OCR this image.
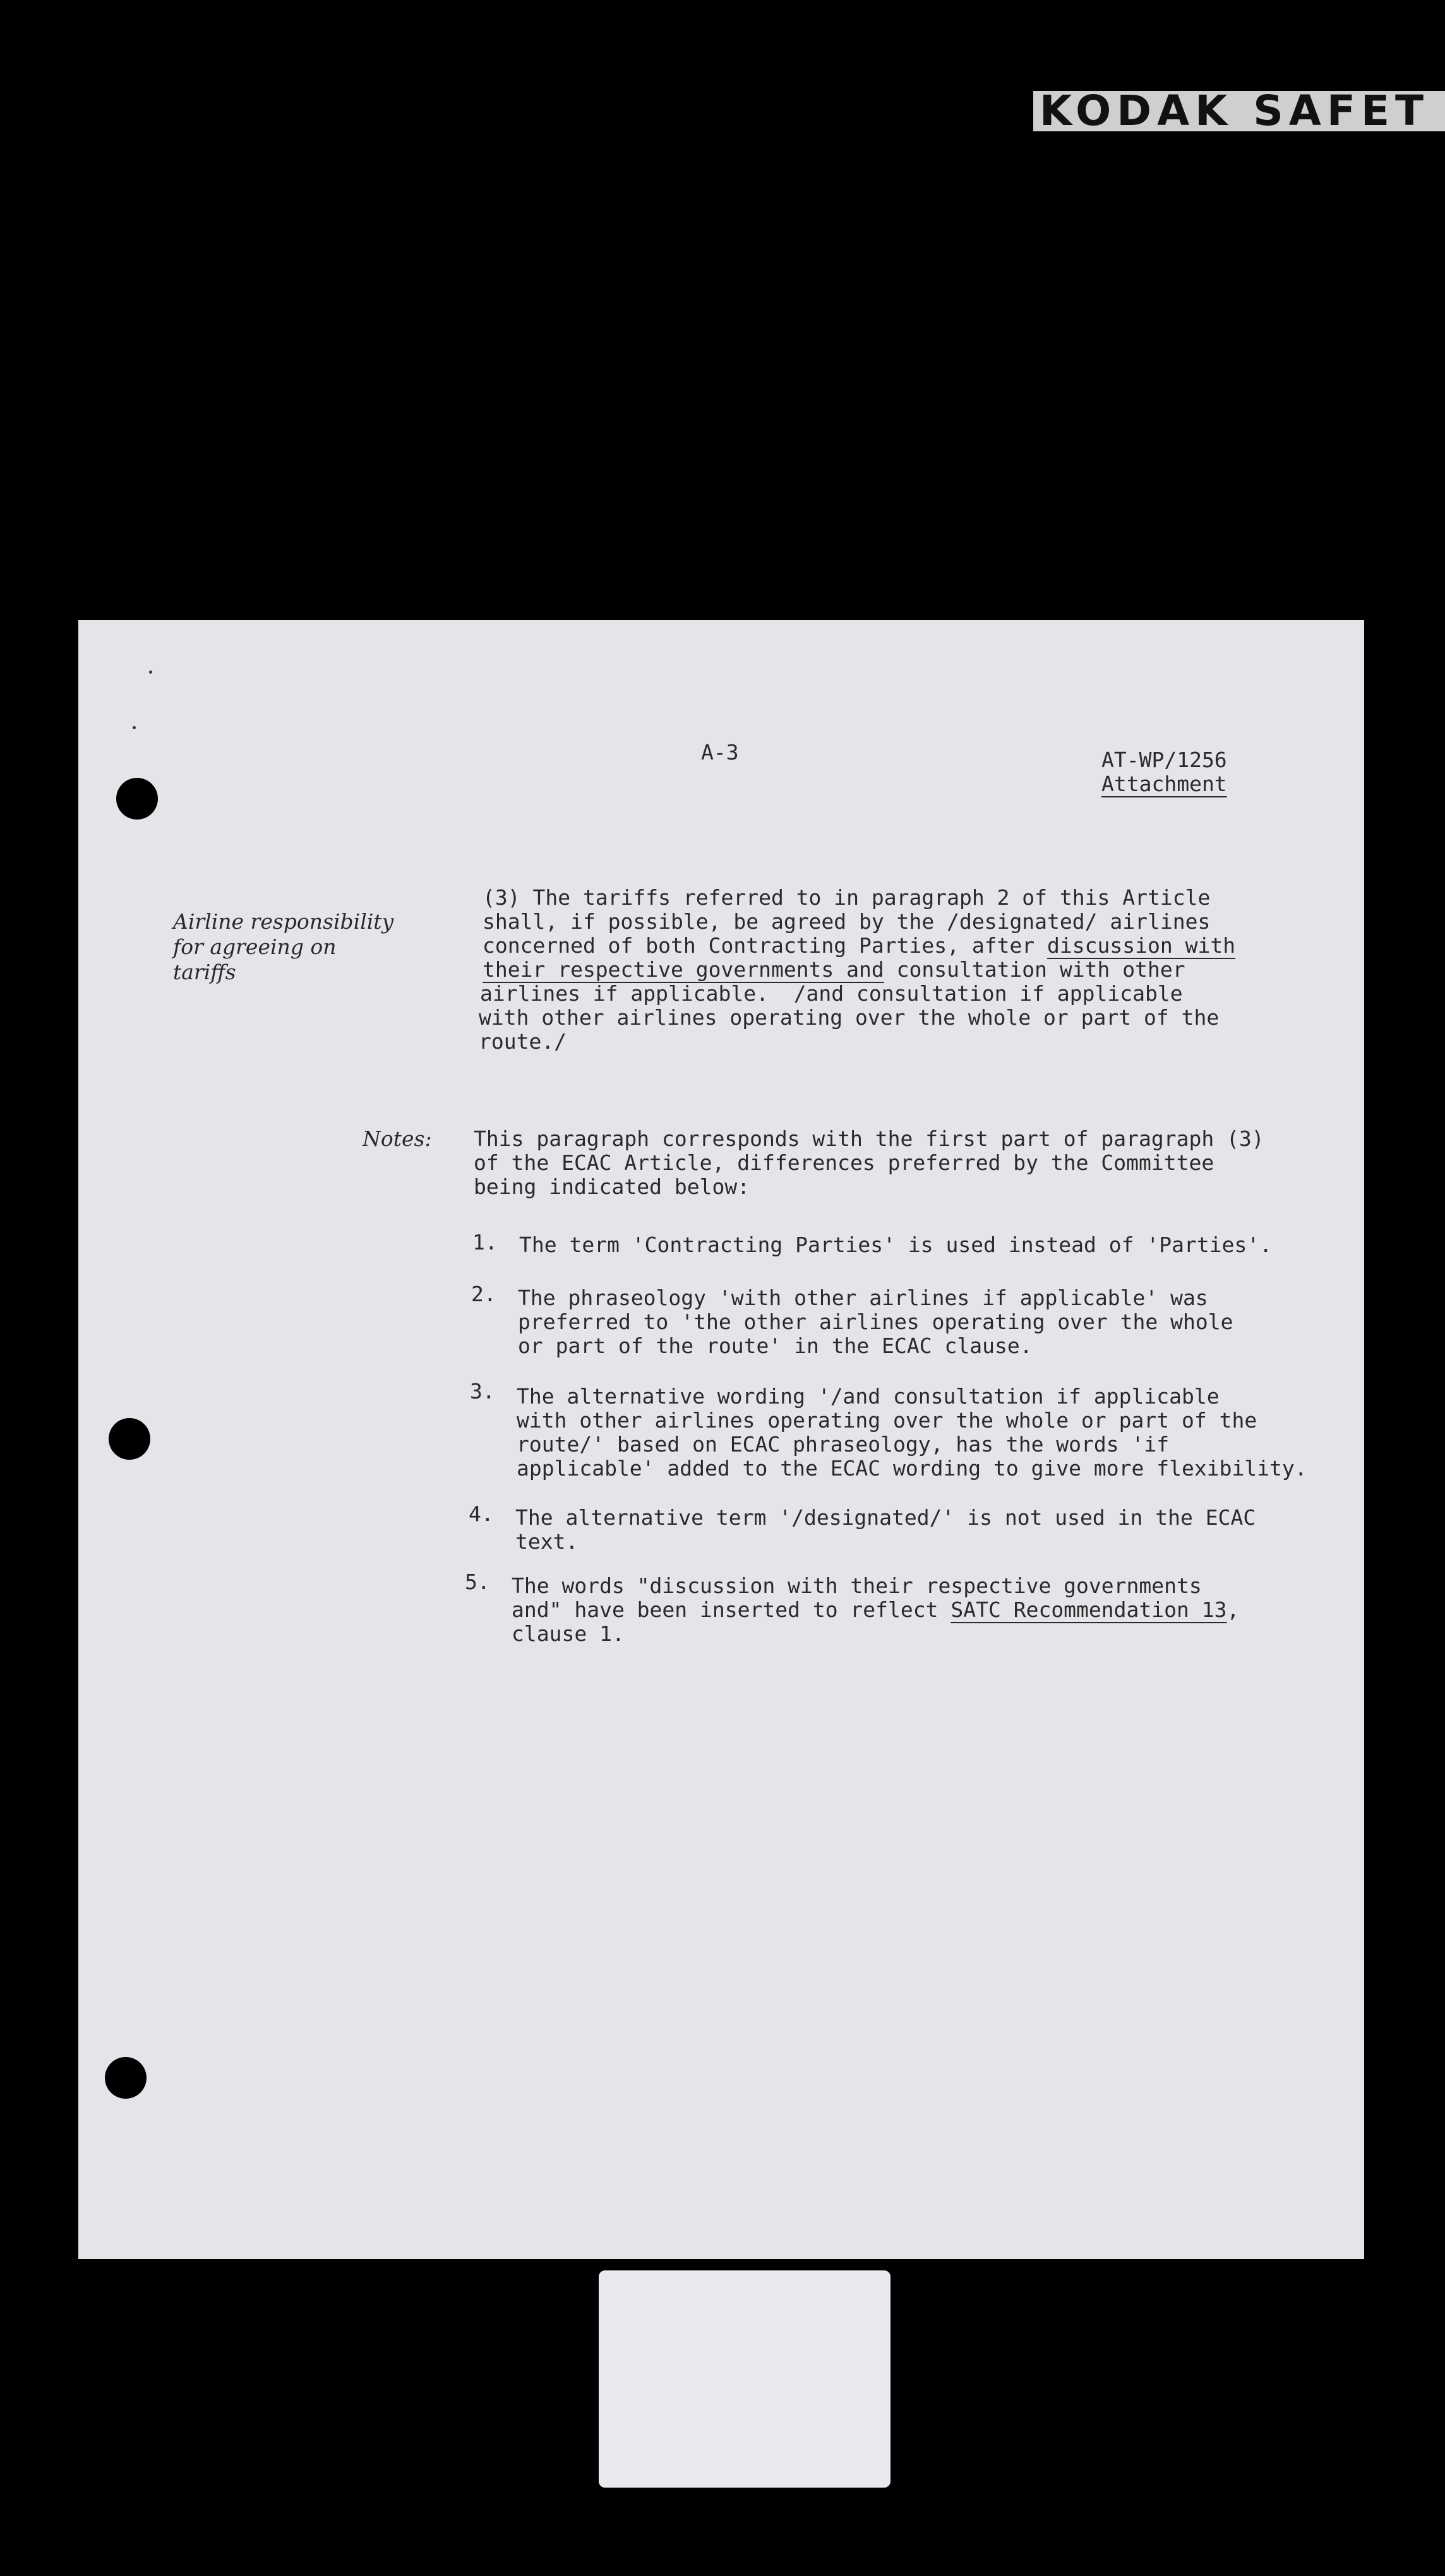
KODAK SAFET
A-3	AT-WP/1256
Attachment
Airline responsibility
for agreeing on
tariffs
(3) The tariffs referred to in paragraph 2 of this Article
shall, if possible, be agreed by the /designated/ airlines
concerned of both Contracting Parties, after discussion with
their respective governments and consultation with other
airlines if applicable.  /and consultation if applicable
with other airlines operating over the whole or part of the
route./
Notes: This paragraph corresponds with the first part of paragraph (3)
of the ECAC Article, differences preferred by the Committee
being indicated below:
1. The term 'Contracting Parties' is used instead of 'Parties'.
2. The phraseology 'with other airlines if applicable' was
preferred to 'the other airlines operating over the whole
or part of the route' in the ECAC clause.
3. The alternative wording '/and consultation if applicable
with other airlines operating over the whole or part of the
route/' based on ECAC phraseology, has the words 'if
applicable' added to the ECAC wording to give more flexibility.
4. The alternative term '/designated/' is not used in the ECAC
text.
5. The words "discussion with their respective governments
and" have been inserted to reflect SATC Recommendation 13,
clause 1.
